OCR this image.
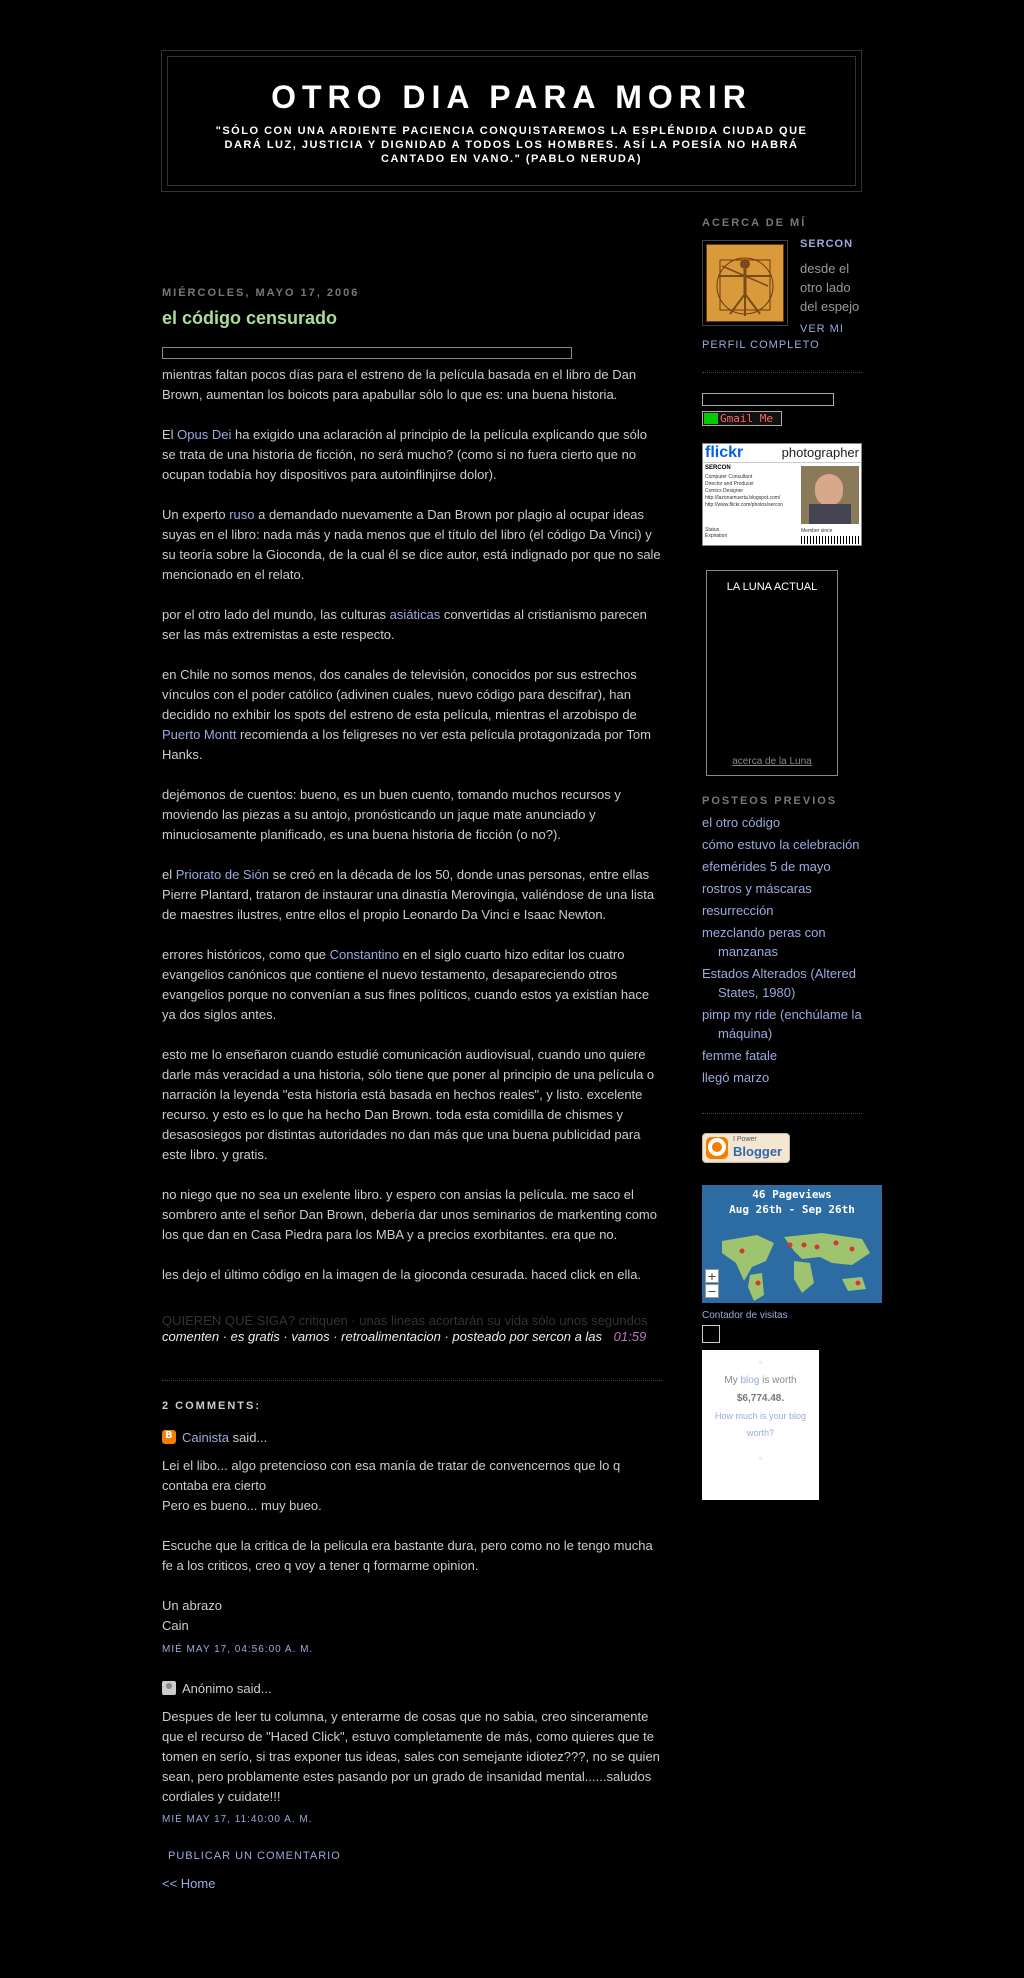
OTRO DIA PARA MORIR

"SÓLO CON UNA ARDIENTE PACIENCIA CONQUISTAREMOS LA ESPLÉNDIDA CIUDAD QUE DARÁ LUZ, JUSTICIA Y DIGNIDAD A TODOS LOS HOMBRES. ASÍ LA POESÍA NO HABRÁ CANTADO EN VANO." (PABLO NERUDA)

MIÉRCOLES, MAYO 17, 2006
el código censurado

mientras faltan pocos días para el estreno de la película basada en el libro de Dan Brown, aumentan los boicots para apabullar sólo lo que es: una buena historia.

El Opus Dei ha exigido una aclaración al principio de la película explicando que sólo se trata de una historia de ficción, no será mucho? (como si no fuera cierto que no ocupan todabía hoy dispositivos para autoinflinjirse dolor).

Un experto ruso a demandado nuevamente a Dan Brown por plagio al ocupar ideas suyas en el libro: nada más y nada menos que el título del libro (el código Da Vinci) y su teoría sobre la Gioconda, de la cual él se dice autor, está indignado por que no sale mencionado en el relato.

por el otro lado del mundo, las culturas asiáticas convertidas al cristianismo parecen ser las más extremistas a este respecto.

en Chile no somos menos, dos canales de televisión, conocidos por sus estrechos vínculos con el poder católico (adivinen cuales, nuevo código para descifrar), han decidido no exhibir los spots del estreno de esta película, mientras el arzobispo de Puerto Montt recomienda a los feligreses no ver esta película protagonizada por Tom Hanks.

dejémonos de cuentos: bueno, es un buen cuento, tomando muchos recursos y moviendo las piezas a su antojo, pronósticando un jaque mate anunciado y minuciosamente planificado, es una buena historia de ficción (o no?).

el Priorato de Sión se creó en la década de los 50, donde unas personas, entre ellas Pierre Plantard, trataron de instaurar una dinastía Merovingia, valiéndose de una lista de maestres ilustres, entre ellos el propio Leonardo Da Vinci e Isaac Newton.

errores históricos, como que Constantino en el siglo cuarto hizo editar los cuatro evangelios canónicos que contiene el nuevo testamento, desapareciendo otros evangelios porque no convenían a sus fines políticos, cuando estos ya existían hace ya dos siglos antes.

esto me lo enseñaron cuando estudié comunicación audiovisual, cuando uno quiere darle más veracidad a una historia, sólo tiene que poner al principio de una película o narración la leyenda "esta historia está basada en hechos reales", y listo. excelente recurso. y esto es lo que ha hecho Dan Brown. toda esta comidilla de chismes y desasosiegos por distintas autoridades no dan más que una buena publicidad para este libro. y gratis.

no niego que no sea un exelente libro. y espero con ansias la película. me saco el sombrero ante el señor Dan Brown, debería dar unos seminarios de markenting como los que dan en Casa Piedra para los MBA y a precios exorbitantes. era que no.

les dejo el último código en la imagen de la gioconda cesurada. haced click en ella.

QUIEREN QUÉ SIGA? critiquen · unas lineas acortarán su vida sólo unos segundos
comenten · es gratis · vamos · retroalimentacion · posteado por sercon a las 01:59
2 COMMENTS:
BCainista said...
Lei el libo... algo pretencioso con esa manía de tratar de convencernos que lo q contaba era cierto
Pero es bueno... muy bueo.
Escuche que la critica de la pelicula era bastante dura, pero como no le tengo mucha fe a los criticos, creo q voy a tener q formarme opinion.
Un abrazo
Cain
MIÉ MAY 17, 04:56:00 A. M.
Anónimo said...
Despues de leer tu columna, y enterarme de cosas que no sabia, creo sinceramente que el recurso de "Haced Click", estuvo completamente de más, como quieres que te tomen en serío, si tras exponer tus ideas, sales con semejante idiotez???, no se quien sean, pero problamente estes pasando por un grado de insanidad mental......saludos cordiales y cuidate!!!
MIÉ MAY 17, 11:40:00 A. M.
PUBLICAR UN COMENTARIO
<< Home
ACERCA DE MÍ
SERCON
desde el otro lado del espejo
VER MI
PERFIL COMPLETO
Gmail Me
flickr	photographer
SERCON
Computer Consultant
Director and Producer
Comics Designer
http://lazonamuerta.blogspot.com/
http://www.flickr.com/photos/sercon
Status
Expiration
Member since
LA LUNA ACTUAL
acerca de la Luna
POSTEOS PREVIOS
el otro código
cómo estuvo la celebración
efemérides 5 de mayo
rostros y máscaras
resurrección
mezclando peras con manzanas
Estados Alterados (Altered States, 1980)
pimp my ride (enchúlame la máquina)
femme fatale
llegó marzo
I Power
Blogger
46 Pageviews
Aug 26th - Sep 26th
+
−
Contador de visitas
▫
My blog is worth
$6,774.48.
How much is your blog worth?
▫
